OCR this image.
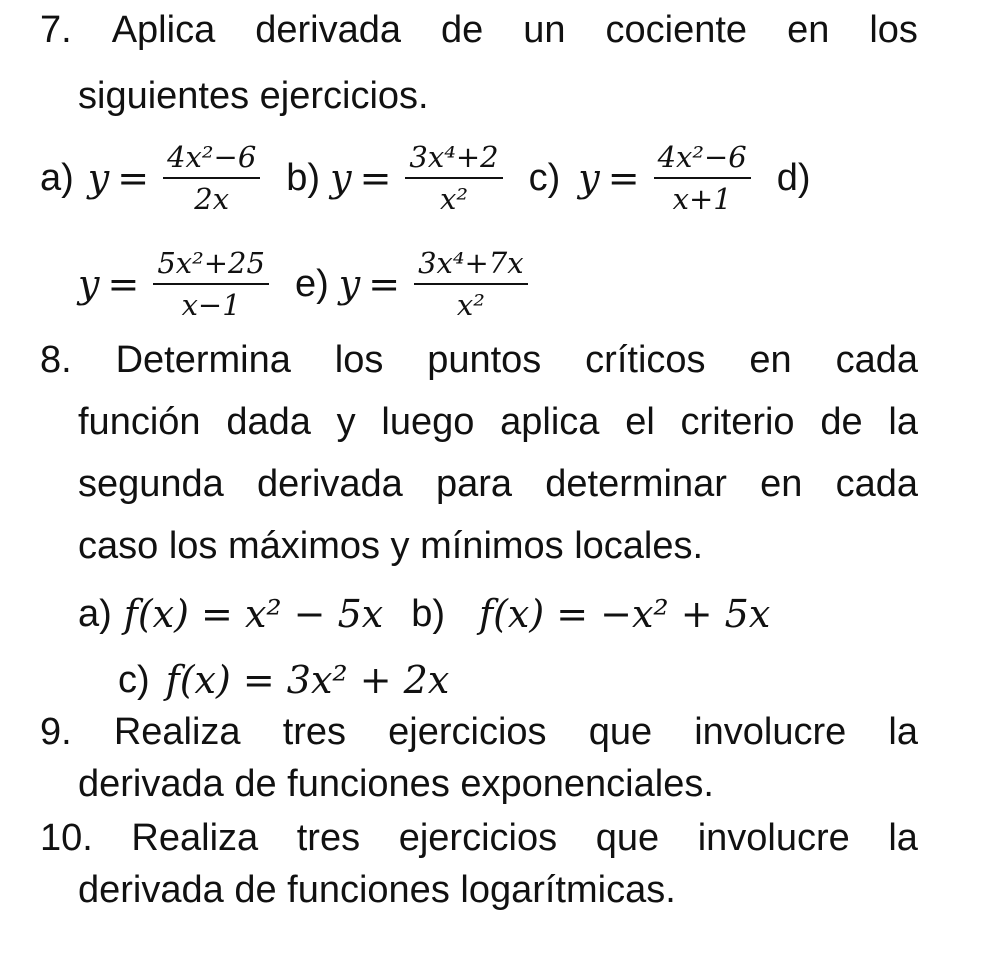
7. Aplica derivada de un cociente en los
siguientes ejercicios.
a) $y = \frac{\text{4x²−6}}{2x} b$) $y = \frac{\text{3x⁴+2}}{\text{x²}} c$) $y = \frac{\text{4x²−6}}{x+1} d$)
$y = \frac{\text{5x²+25}}{x-1} e$) $y = \frac{\text{3x⁴+7x}}{\text{x²}}$
8. Determina los puntos críticos en cada
función dada y luego aplica el criterio de la
segunda derivada para determinar en cada
caso los máximos y mínimos locales.
a) f(x) = x² − 5x b) f(x) = −x² + 5x
c) f(x) = 3x² + 2x
9. Realiza tres ejercicios que involucre la
derivada de funciones exponenciales.
10. Realiza tres ejercicios que involucre la
derivada de funciones logarítmicas.
